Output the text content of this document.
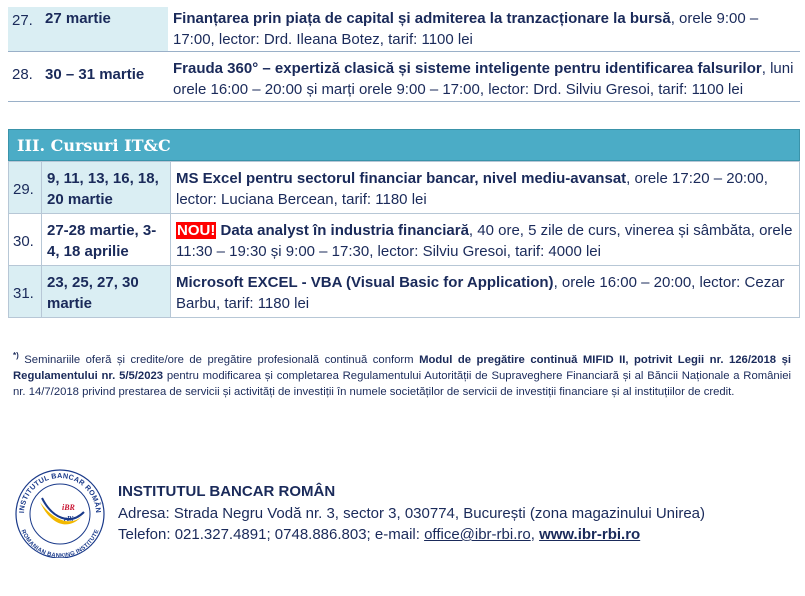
27.	27 martie	Finanțarea prin piața de capital și admiterea la tranzacționare la bursă, orele 9:00 – 17:00, lector: Drd. Ileana Botez, tarif: 1100 lei
28.	30 – 31 martie	Frauda 360° – expertiză clasică și sisteme inteligente pentru identificarea falsurilor, luni orele 16:00 – 20:00 și marți orele 9:00 – 17:00, lector: Drd. Silviu Gresoi, tarif: 1100 lei
III. Cursuri IT&C
29.	9, 11, 13, 16, 18, 20 martie	MS Excel pentru sectorul financiar bancar, nivel mediu-avansat, orele 17:20 – 20:00, lector: Luciana Bercean, tarif: 1180 lei
30.	27-28 martie, 3-4, 18 aprilie	NOU! Data analyst în industria financiară, 40 ore, 5 zile de curs, vinerea și sâmbăta, orele 11:30 – 19:30 și 9:00 – 17:30, lector: Silviu Gresoi, tarif: 4000 lei
31.	23, 25, 27, 30 martie	Microsoft EXCEL - VBA (Visual Basic for Application), orele 16:00 – 20:00, lector: Cezar Barbu, tarif: 1180 lei
*) Seminariile oferă și credite/ore de pregătire profesională continuă conform Modul de pregătire continuă MIFID II, potrivit Legii nr. 126/2018 și Regulamentului nr. 5/5/2023 pentru modificarea și completarea Regulamentului Autorității de Supraveghere Financiară și al Băncii Naționale a României nr. 14/7/2018 privind prestarea de servicii și activități de investiții în numele societăților de servicii de investiții financiare și al instituțiilor de credit.
INSTITUTUL BANCAR ROMÂN
ROMANIAN BANKING INSTITUTE
iBR
rBi
INSTITUTUL BANCAR ROMÂN
Adresa: Strada Negru Vodă nr. 3, sector 3, 030774, București (zona magazinului Unirea)
Telefon: 021.327.4891; 0748.886.803; e-mail: office@ibr-rbi.ro, www.ibr-rbi.ro
